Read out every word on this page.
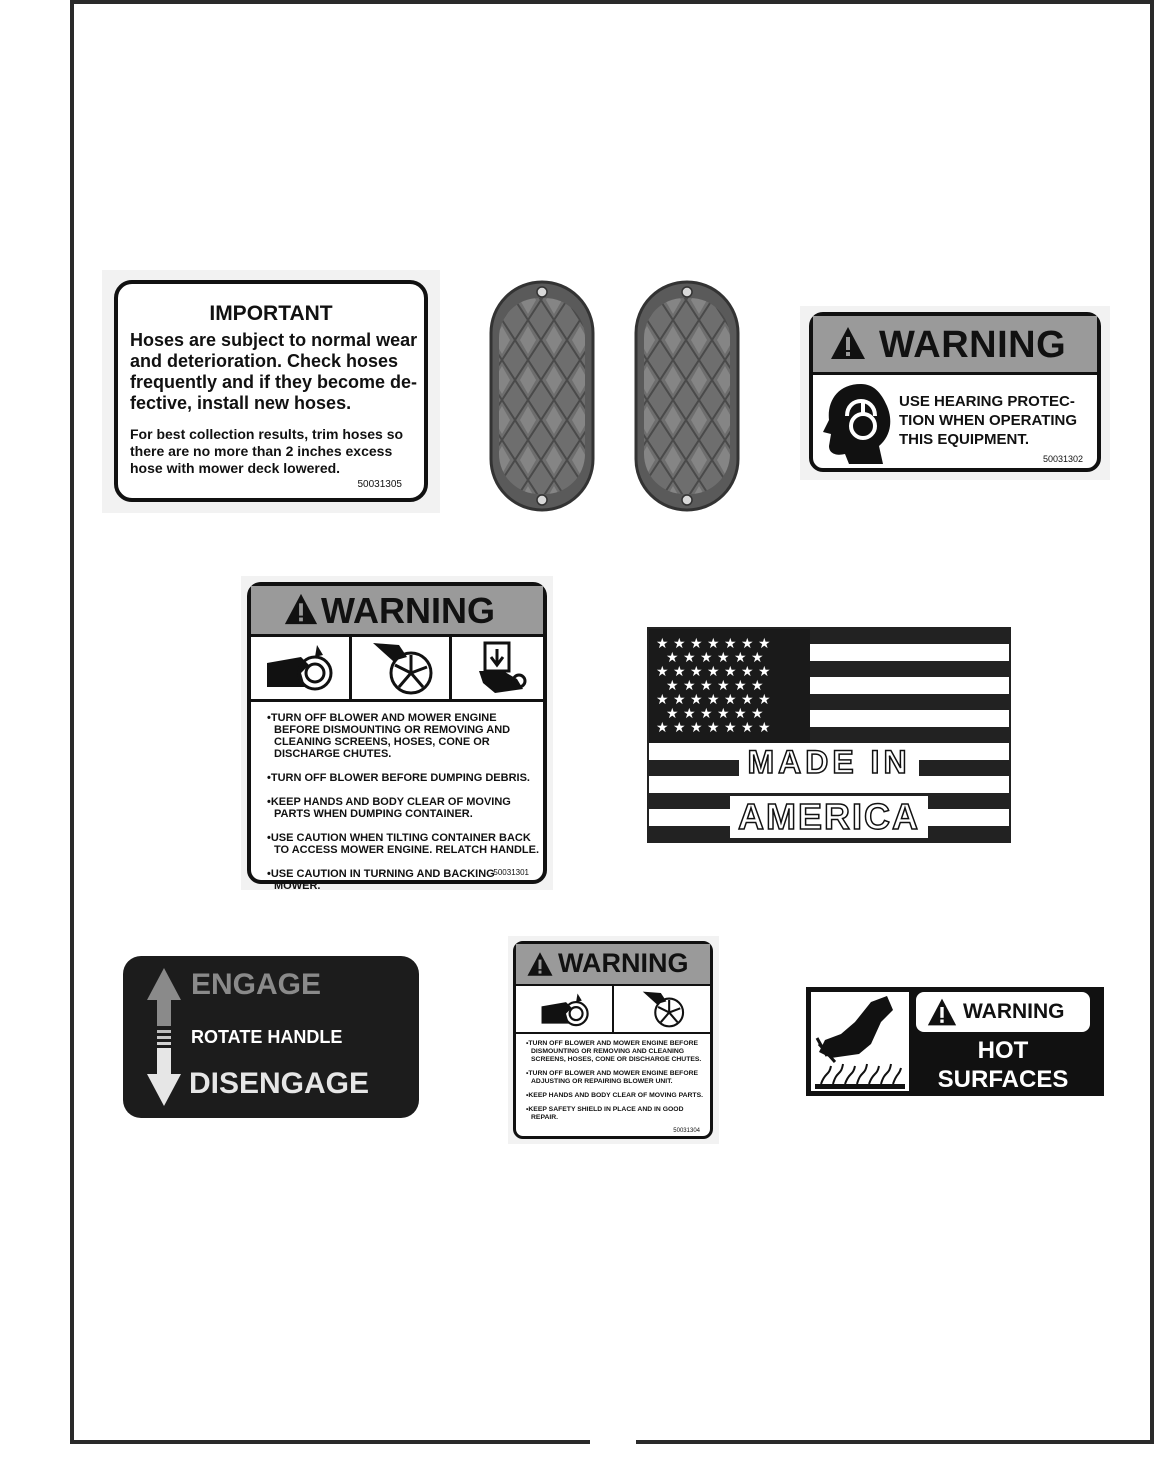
IMPORTANT
Hoses are subject to normal wear and deterioration. Check hoses frequently and if they become de-fective, install new hoses.
For best collection results, trim hoses so there are no more than 2 inches excess hose with mower deck lowered.
50031305
WARNING
USE HEARING PROTEC-TION WHEN OPERATING THIS EQUIPMENT.
50031302
WARNING
•TURN OFF BLOWER AND MOWER ENGINE BEFORE DISMOUNTING OR REMOVING AND CLEANING SCREENS, HOSES, CONE OR DISCHARGE CHUTES.
•TURN OFF BLOWER BEFORE DUMPING DEBRIS.
•KEEP HANDS AND BODY CLEAR OF MOVING PARTS WHEN DUMPING CONTAINER.
•USE CAUTION WHEN TILTING CONTAINER BACK TO ACCESS MOWER ENGINE. RELATCH HANDLE.
•USE CAUTION IN TURNING AND BACKING MOWER.
50031301
★ ★ ★ ★ ★ ★ ★
★ ★ ★ ★ ★ ★
★ ★ ★ ★ ★ ★ ★
★ ★ ★ ★ ★ ★
★ ★ ★ ★ ★ ★ ★
★ ★ ★ ★ ★ ★
★ ★ ★ ★ ★ ★ ★
MADE IN
AMERICA
ENGAGE
ROTATE HANDLE
DISENGAGE
WARNING
•TURN OFF BLOWER AND MOWER ENGINE BEFORE DISMOUNTING OR REMOVING AND CLEANING SCREENS, HOSES, CONE OR DISCHARGE CHUTES.
•TURN OFF BLOWER AND MOWER ENGINE BEFORE ADJUSTING OR REPAIRING BLOWER UNIT.
•KEEP HANDS AND BODY CLEAR OF MOVING PARTS.
•KEEP SAFETY SHIELD IN PLACE AND IN GOOD REPAIR.
50031304
WARNING
HOT
SURFACES
